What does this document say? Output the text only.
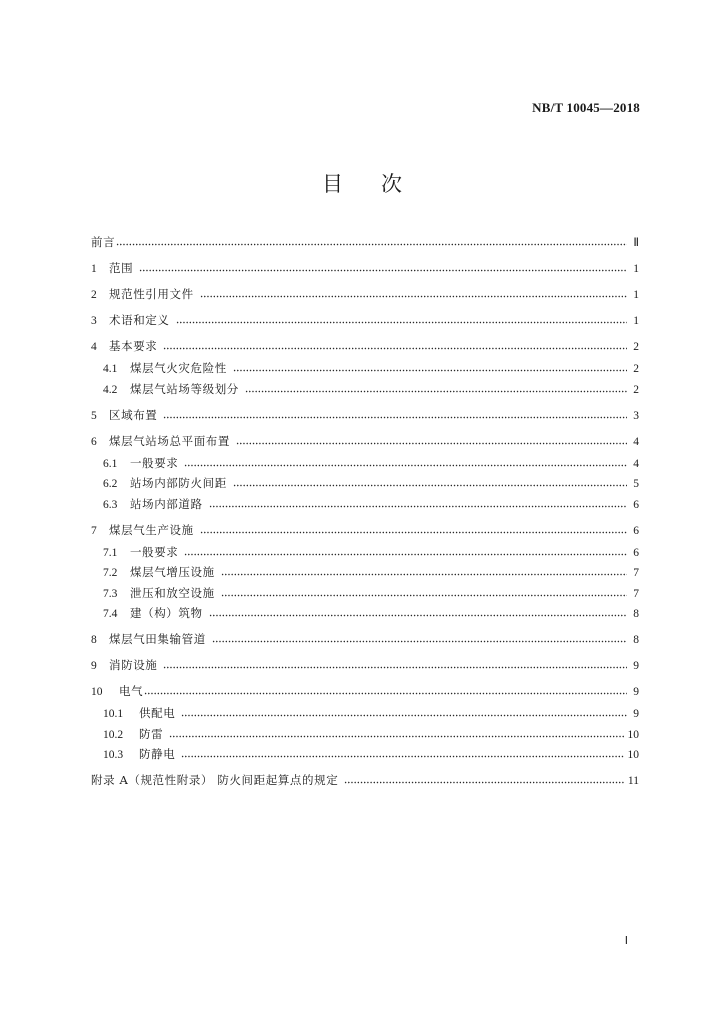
NB/T 10045—2018
目 次
前言	Ⅱ
1	范围	1
2	规范性引用文件	1
3	术语和定义	1
4	基本要求	2
4.1	煤层气火灾危险性	2
4.2	煤层气站场等级划分	2
5	区域布置	3
6	煤层气站场总平面布置	4
6.1	一般要求	4
6.2	站场内部防火间距	5
6.3	站场内部道路	6
7	煤层气生产设施	6
7.1	一般要求	6
7.2	煤层气增压设施	7
7.3	泄压和放空设施	7
7.4	建（构）筑物	8
8	煤层气田集输管道	8
9	消防设施	9
10	电气	9
10.1	供配电	9
10.2	防雷	10
10.3	防静电	10
附录 A（规范性附录） 防火间距起算点的规定	11
Ⅰ
